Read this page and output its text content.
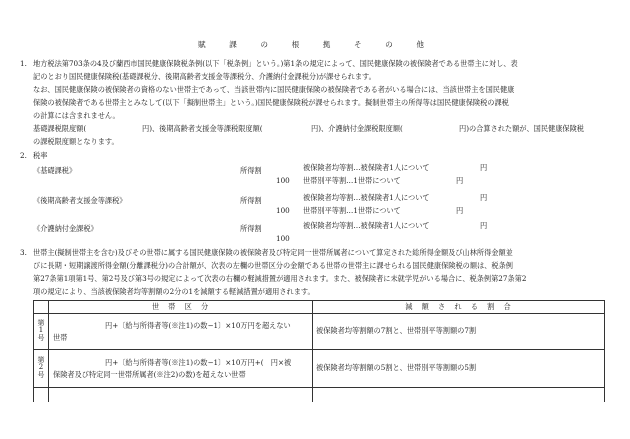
賦　課　の　根　拠　そ　の　他
1. 地方税法第703条の4及び蘭西市国民健康保険税条例(以下「税条例」という。)第1条の規定によって、国民健康保険の被保険者である世帯主に対し、表
記のとおり国民健康保険税(基礎課税分、後期高齢者支援金等課税分、介護納付金課税分)が課せられます。
なお、国民健康保険の被保険者の資格のない世帯主であって、当該世帯内に国民健康保険の被保険者である者がいる場合には、当該世帯主を国民健康
保険の被保険者である世帯主とみなして(以下「擬制世帯主」という。)国民健康保険税が課せられます。擬制世帯主の所得等は国民健康保険税の課税
の計算には含まれません。
基礎課税限度額(	円)、後期高齢者支援金等課税限度額(	円)、介護納付金課税限度額(	円)の合算された額が、国民健康保険税
の課税限度額となります。
2. 税率
《基礎課税》	所得割
100
被保険者均等割…被保険者1人について	円
世帯別平等割…1世帯について	円
《後期高齢者支援金等課税》	所得割
100
被保険者均等割…被保険者1人について	円
世帯別平等割…1世帯について	円
《介護納付金課税》	所得割
100
被保険者均等割…被保険者1人について	円
3. 世帯主(擬制世帯主を含む)及びその世帯に属する国民健康保険の被保険者及び特定同一世帯所属者について算定された総所得金額及び山林所得金額並
びに長期・短期譲渡所得金額(分離課税分)の合計額が、次表の左欄の世帯区分の金額である世帯の世帯主に課せられる国民健康保険税の額は、税条例
第27条第1項第1号、第2号及び第3号の規定によって次表の右欄の軽減措置が適用されます。また、被保険者に未就学児がいる場合に、税条例第27条第2
項の規定により、当該被保険者均等割額の2分の1を減額する軽減措置が適用されます。
	世　帯　区　分	減　額　さ　れ　る　割　合
第1号	円+〔給与所得者等(※注1)の数−1〕×10万円を超えない
世帯	被保険者均等割額の7割と、世帯別平等割額の7割
第2号	円+〔給与所得者等(※注1)の数−1〕×10万円+(　円×被
保険者及び特定同一世帯所属者(※注2)の数)を超えない世帯	被保険者均等割額の5割と、世帯別平等割額の5割
